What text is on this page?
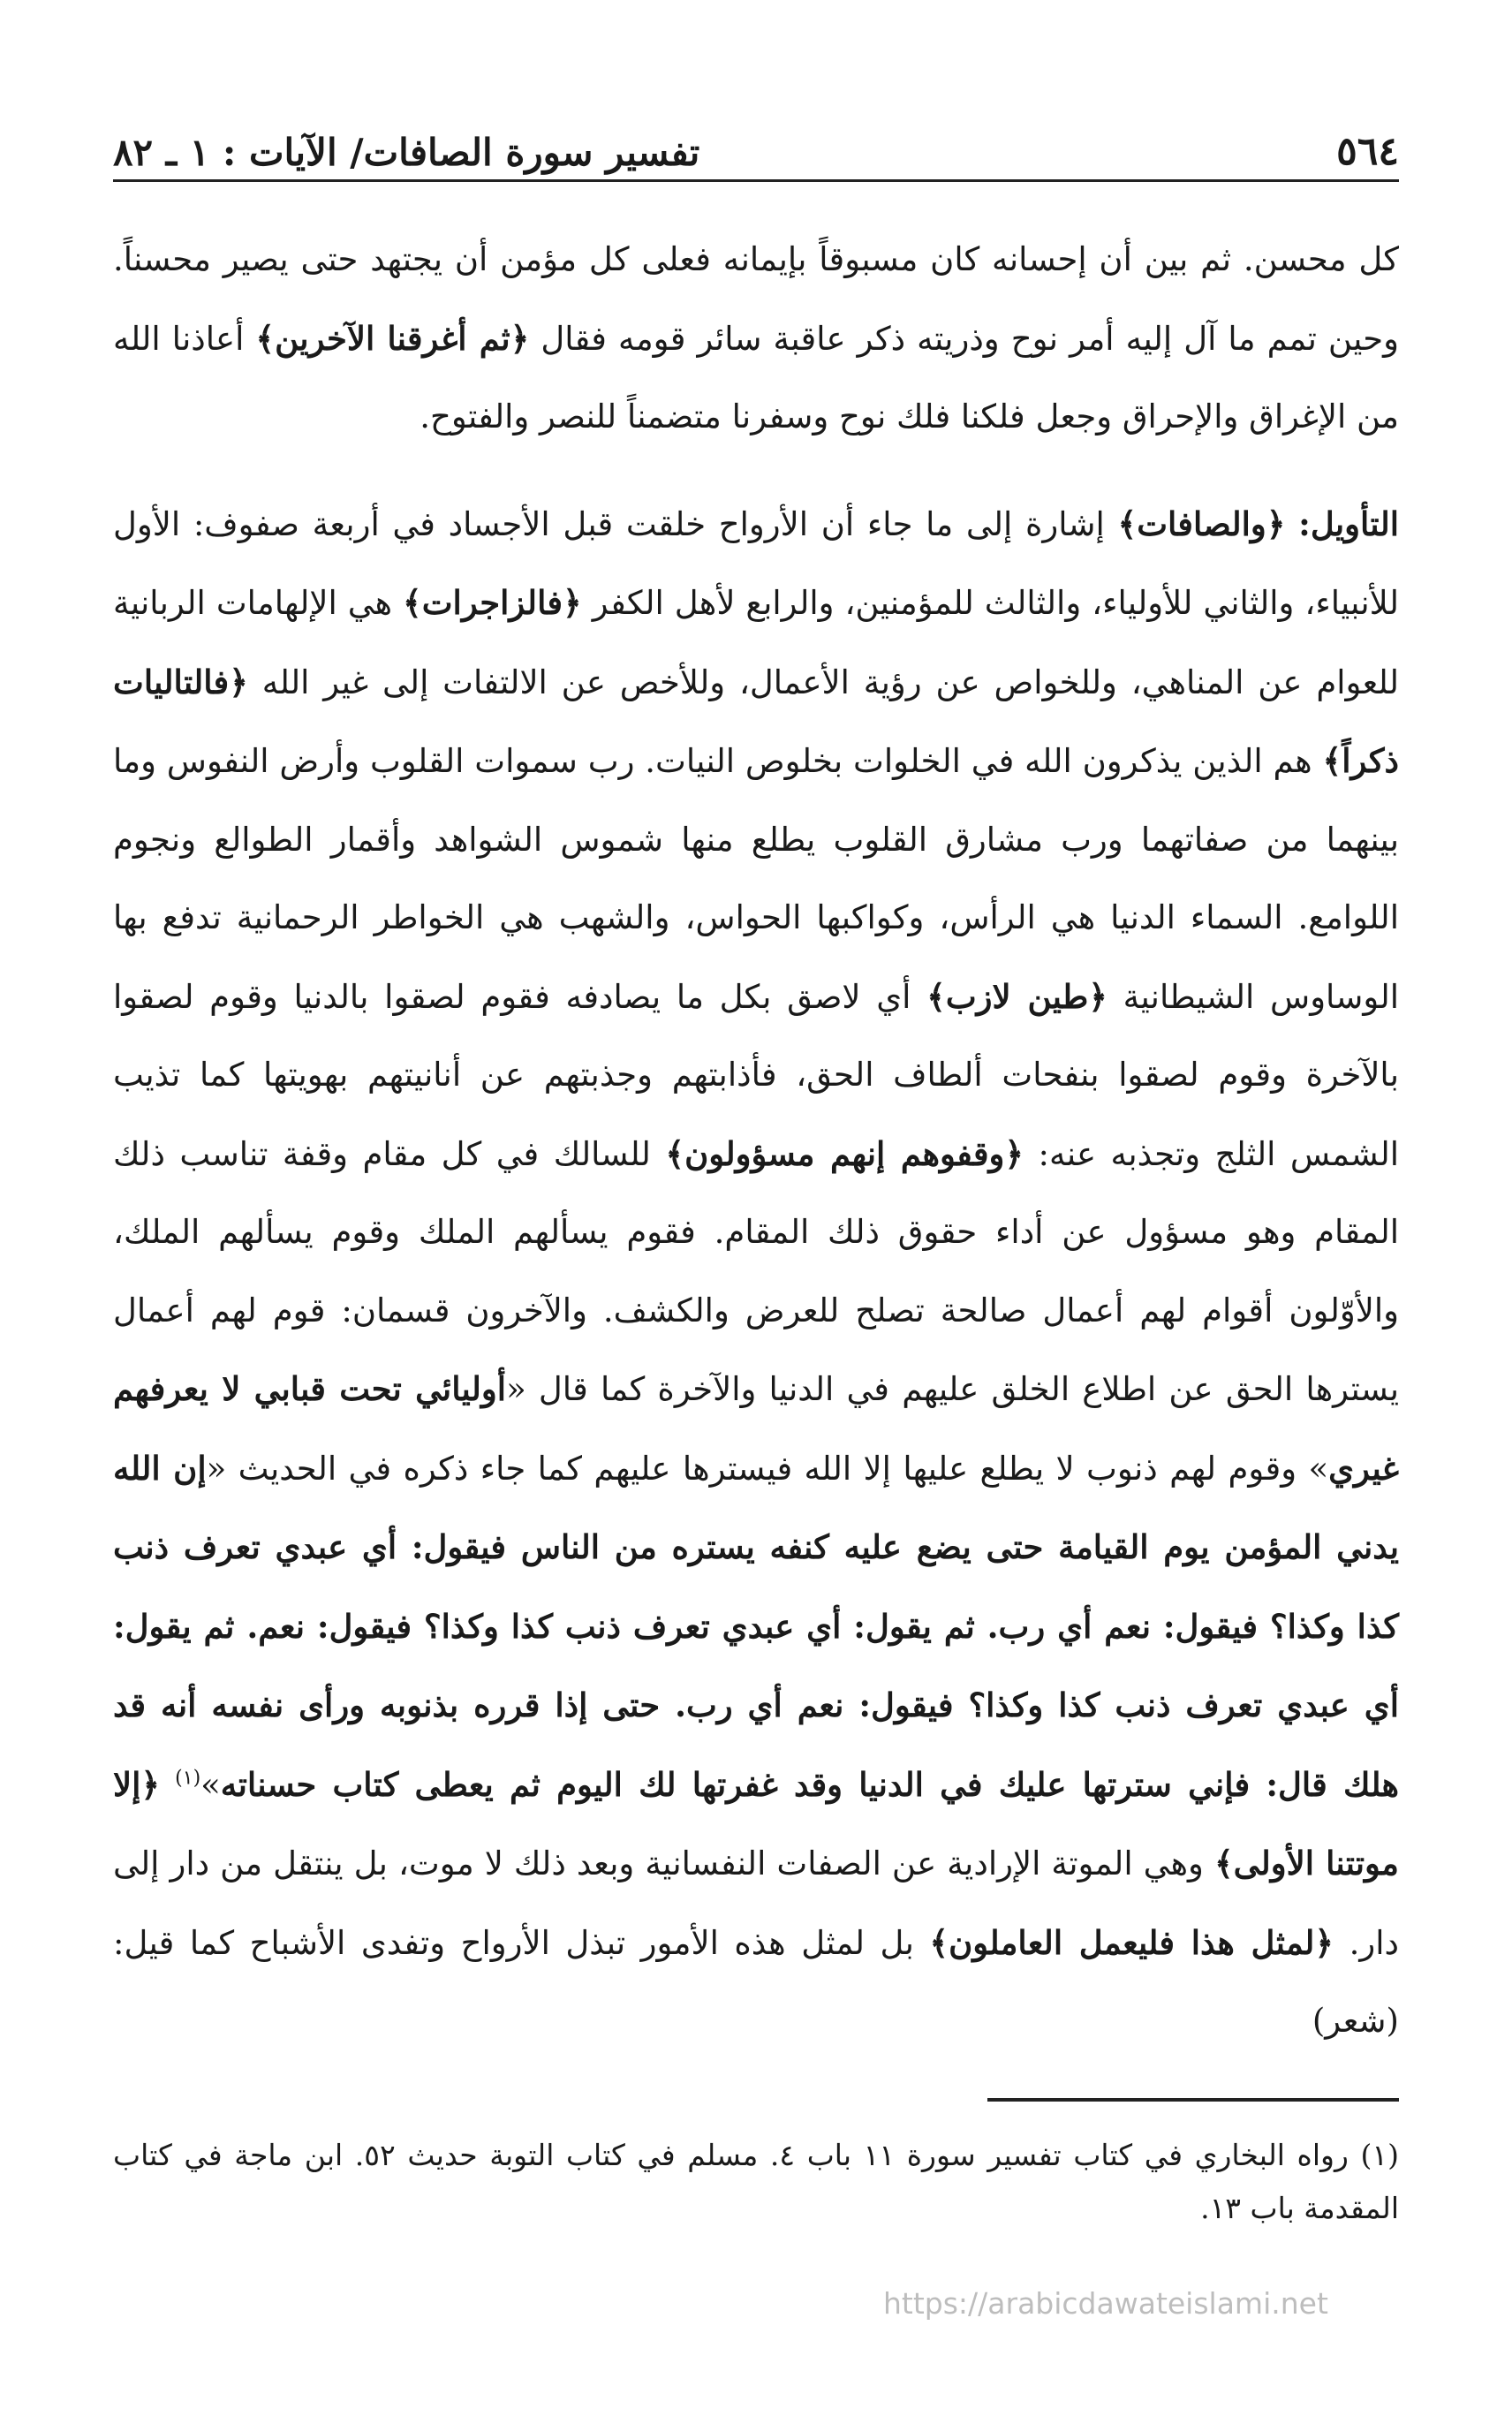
٥٦٤
تفسير سورة الصافات/ الآيات : ١ ـ ٨٢

كل محسن. ثم بين أن إحسانه كان مسبوقاً بإيمانه فعلى كل مؤمن أن يجتهد حتى يصير محسناً. وحين تمم ما آل إليه أمر نوح وذريته ذكر عاقبة سائر قومه فقال ﴿ثم أغرقنا الآخرين﴾ أعاذنا الله من الإغراق والإحراق وجعل فلكنا فلك نوح وسفرنا متضمناً للنصر والفتوح.

التأويل: ﴿والصافات﴾ إشارة إلى ما جاء أن الأرواح خلقت قبل الأجساد في أربعة صفوف: الأول للأنبياء، والثاني للأولياء، والثالث للمؤمنين، والرابع لأهل الكفر ﴿فالزاجرات﴾ هي الإلهامات الربانية للعوام عن المناهي، وللخواص عن رؤية الأعمال، وللأخص عن الالتفات إلى غير الله ﴿فالتاليات ذكراً﴾ هم الذين يذكرون الله في الخلوات بخلوص النيات. رب سموات القلوب وأرض النفوس وما بينهما من صفاتهما ورب مشارق القلوب يطلع منها شموس الشواهد وأقمار الطوالع ونجوم اللوامع. السماء الدنيا هي الرأس، وكواكبها الحواس، والشهب هي الخواطر الرحمانية تدفع بها الوساوس الشيطانية ﴿طين لازب﴾ أي لاصق بكل ما يصادفه فقوم لصقوا بالدنيا وقوم لصقوا بالآخرة وقوم لصقوا بنفحات ألطاف الحق، فأذابتهم وجذبتهم عن أنانيتهم بهويتها كما تذيب الشمس الثلج وتجذبه عنه: ﴿وقفوهم إنهم مسؤولون﴾ للسالك في كل مقام وقفة تناسب ذلك المقام وهو مسؤول عن أداء حقوق ذلك المقام. فقوم يسألهم الملك وقوم يسألهم الملك، والأوّلون أقوام لهم أعمال صالحة تصلح للعرض والكشف. والآخرون قسمان: قوم لهم أعمال يسترها الحق عن اطلاع الخلق عليهم في الدنيا والآخرة كما قال «أوليائي تحت قبابي لا يعرفهم غيري» وقوم لهم ذنوب لا يطلع عليها إلا الله فيسترها عليهم كما جاء ذكره في الحديث «إن الله يدني المؤمن يوم القيامة حتى يضع عليه كنفه يستره من الناس فيقول: أي عبدي تعرف ذنب كذا وكذا؟ فيقول: نعم أي رب. ثم يقول: أي عبدي تعرف ذنب كذا وكذا؟ فيقول: نعم. ثم يقول: أي عبدي تعرف ذنب كذا وكذا؟ فيقول: نعم أي رب. حتى إذا قرره بذنوبه ورأى نفسه أنه قد هلك قال: فإني سترتها عليك في الدنيا وقد غفرتها لك اليوم ثم يعطى كتاب حسناته»$^{(١)}$ ﴿إلا موتتنا الأولى﴾ وهي الموتة الإرادية عن الصفات النفسانية وبعد ذلك لا موت، بل ينتقل من دار إلى دار. ﴿لمثل هذا فليعمل العاملون﴾ بل لمثل هذه الأمور تبذل الأرواح وتفدى الأشباح كما قيل: (شعر)

(١) رواه البخاري في كتاب تفسير سورة ١١ باب ٤. مسلم في كتاب التوبة حديث ٥٢. ابن ماجة في كتاب المقدمة باب ١٣.

https://arabicdawateislami.net
